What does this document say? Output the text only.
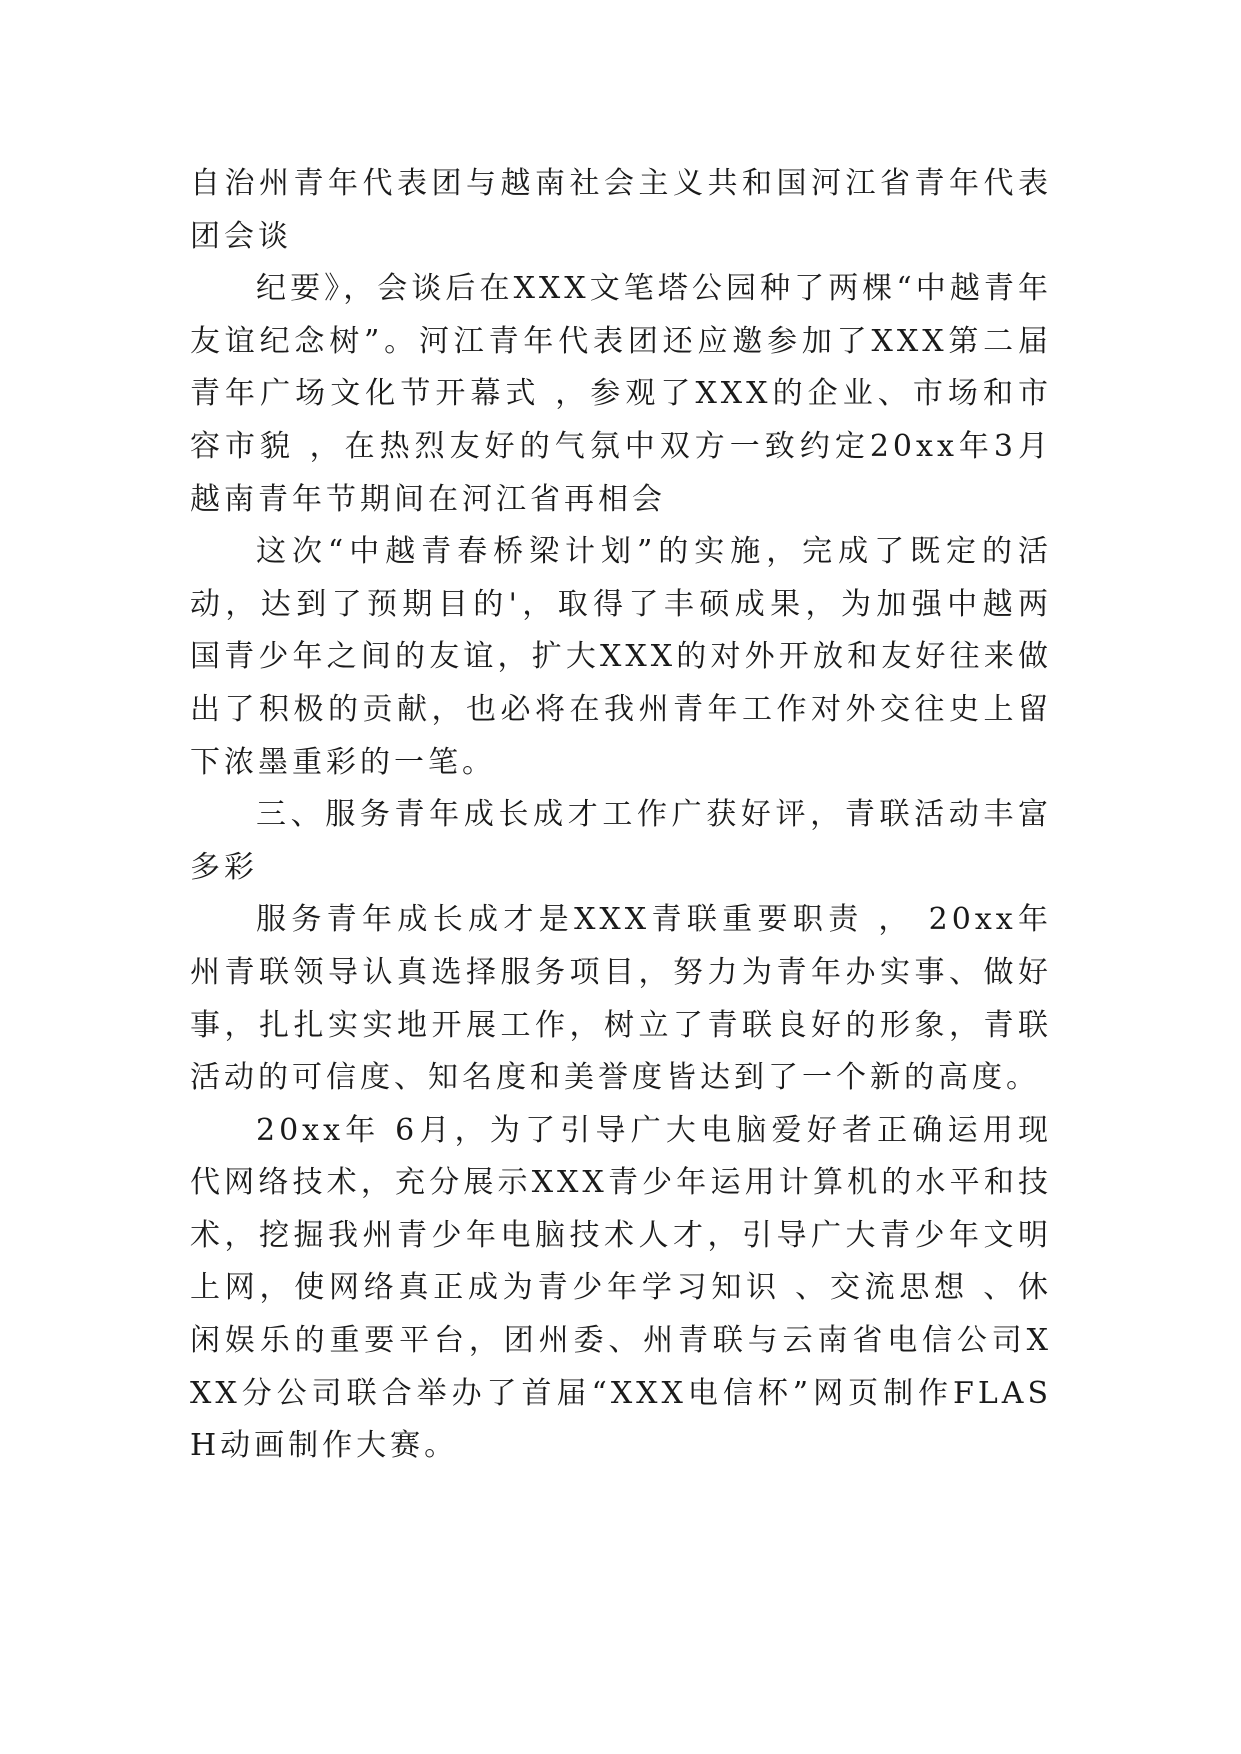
自治州青年代表团与越南社会主义共和国河江省青年代表团会谈

纪要》，会谈后在XXX文笔塔公园种了两棵“中越青年友谊纪念树”。河江青年代表团还应邀参加了XXX第二届青年广场文化节开幕式 ，参观了XXX的企业、市场和市容市貌 ，在热烈友好的气氛中双方一致约定20xx年3月越南青年节期间在河江省再相会

这次“中越青春桥梁计划”的实施，完成了既定的活动，达到了预期目的'，取得了丰硕成果，为加强中越两国青少年之间的友谊，扩大XXX的对外开放和友好往来做出了积极的贡献，也必将在我州青年工作对外交往史上留下浓墨重彩的一笔。

三、服务青年成长成才工作广获好评，青联活动丰富多彩

服务青年成长成才是XXX青联重要职责 ， 20xx年州青联领导认真选择服务项目，努力为青年办实事、做好事，扎扎实实地开展工作，树立了青联良好的形象，青联活动的可信度、知名度和美誉度皆达到了一个新的高度。

20xx年 6月，为了引导广大电脑爱好者正确运用现代网络技术，充分展示XXX青少年运用计算机的水平和技术，挖掘我州青少年电脑技术人才，引导广大青少年文明上网，使网络真正成为青少年学习知识 、交流思想 、休闲娱乐的重要平台，团州委、州青联与云南省电信公司XXX分公司联合举办了首届“XXX电信杯”网页制作FLASH动画制作大赛。
